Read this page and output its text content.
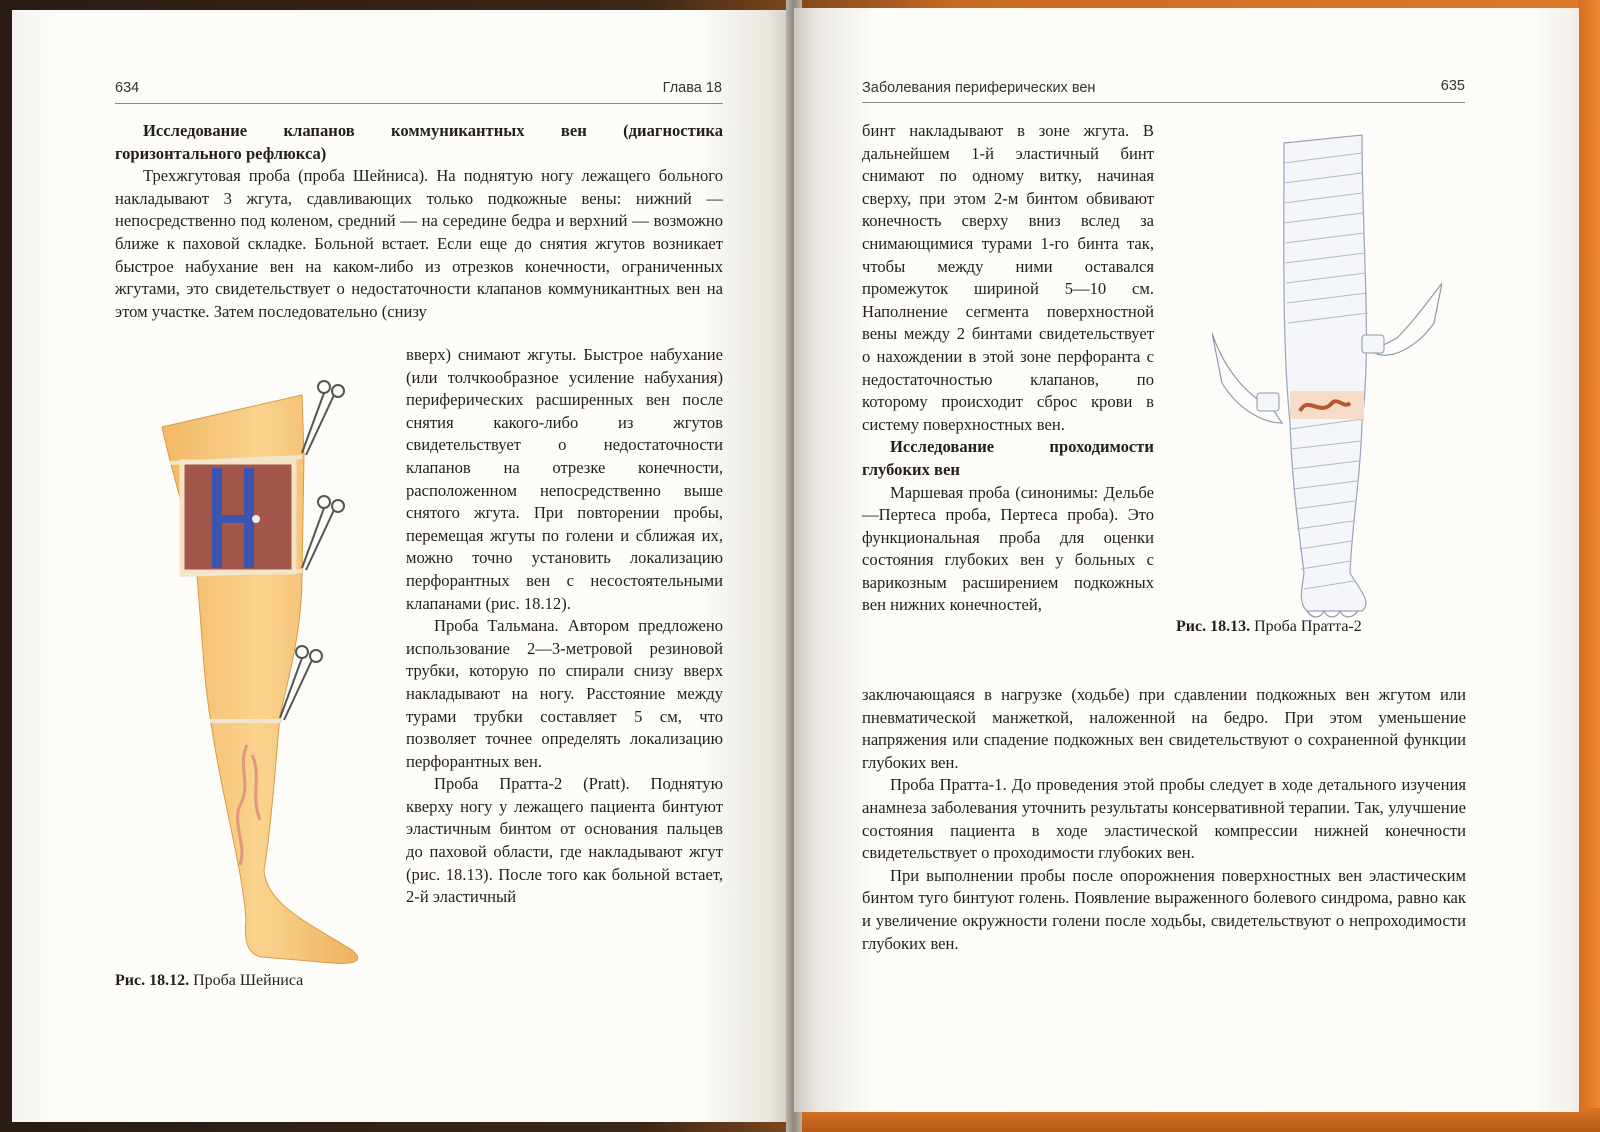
634	Глава 18

Исследование клапанов коммуникантных вен (диагностика горизонтального рефлюкса)

Трехжгутовая проба (проба Шейниса). На поднятую ногу лежащего больного накладывают 3 жгута, сдавливающих только подкожные вены: нижний — непосредственно под коленом, средний — на середине бедра и верхний — возможно ближе к паховой складке. Больной встает. Если еще до снятия жгутов возникает быстрое набухание вен на каком-либо из отрезков конечности, ограниченных жгутами, это свидетельствует о недостаточности клапанов коммуникантных вен на этом участке. Затем последовательно (снизу

вверх) снимают жгуты. Быстрое набухание (или толчкообразное усиление набухания) периферических расширенных вен после снятия какого-либо из жгутов свидетельствует о недостаточности клапанов на отрезке конечности, расположенном непосредственно выше снятого жгута. При повторении пробы, перемещая жгуты по голени и сближая их, можно точно установить локализацию перфорантных вен с несостоятельными клапанами (рис. 18.12).

Проба Тальмана. Автором предложено использование 2—3-метровой резиновой трубки, которую по спирали снизу вверх накладывают на ногу. Расстояние между турами трубки составляет 5 см, что позволяет точнее определять локализацию перфорантных вен.

Проба Пратта-2 (Pratt). Поднятую кверху ногу у лежащего пациента бинтуют эластичным бинтом от основания пальцев до паховой области, где накладывают жгут (рис. 18.13). После того как больной встает, 2-й эластичный

Рис. 18.12. Проба Шейниса
Заболевания периферических вен	635

бинт накладывают в зоне жгута. В дальнейшем 1-й эластичный бинт снимают по одному витку, начиная сверху, при этом 2-м бинтом обвивают конечность сверху вниз вслед за снимающимися турами 1-го бинта так, чтобы между ними оставался промежуток шириной 5—10 см. Наполнение сегмента поверхностной вены между 2 бинтами свидетельствует о нахождении в этой зоне перфоранта с недостаточностью клапанов, по которому происходит сброс крови в систему поверхностных вен.

Исследование проходимости глубоких вен

Маршевая проба (синонимы: Дельбе—Пертеса проба, Пертеса проба). Это функциональная проба для оценки состояния глубоких вен у больных с варикозным расширением подкожных вен нижних конечностей,

заключающаяся в нагрузке (ходьбе) при сдавлении подкожных вен жгутом или пневматической манжеткой, наложенной на бедро. При этом уменьшение напряжения или спадение подкожных вен свидетельствуют о сохраненной функции глубоких вен.

Проба Пратта-1. До проведения этой пробы следует в ходе детального изучения анамнеза заболевания уточнить результаты консервативной терапии. Так, улучшение состояния пациента в ходе эластической компрессии нижней конечности свидетельствует о проходимости глубоких вен.

При выполнении пробы после опорожнения поверхностных вен эластическим бинтом туго бинтуют голень. Появление выраженного болевого синдрома, равно как и увеличение окружности голени после ходьбы, свидетельствуют о непроходимости глубоких вен.

Рис. 18.13. Проба Пратта-2
